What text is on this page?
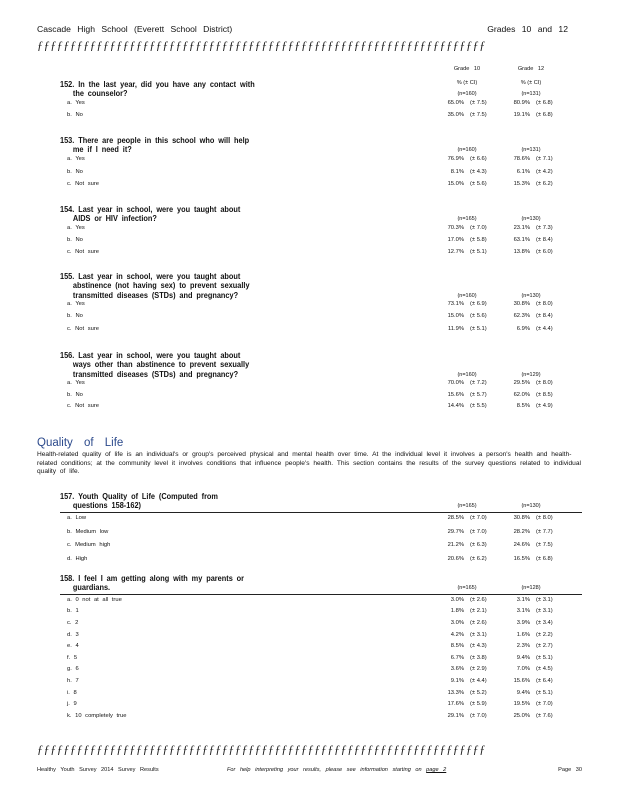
Cascade High School (Everett School District)	Grades 10 and 12
ƒƒƒƒƒƒƒƒƒƒƒƒƒƒƒƒƒƒƒƒƒƒƒƒƒƒƒƒƒƒƒƒƒƒƒƒƒƒƒƒƒƒƒƒƒƒƒƒƒƒƒƒƒƒƒƒƒƒƒƒƒƒƒƒƒƒƒƒ
Grade 10
% (± CI)
Grade 12
% (± CI)
152. In the last year, did you have any contact with
the counselor?	(n=160)	(n=131)
a. Yes	65.0% (± 7.5)	80.9% (± 6.8)
b. No	35.0% (± 7.5)	19.1% (± 6.8)
153. There are people in this school who will help
me if I need it?	(n=160)	(n=131)
a. Yes	76.9% (± 6.6)	78.6% (± 7.1)
b. No	8.1% (± 4.3)	6.1% (± 4.2)
c. Not sure	15.0% (± 5.6)	15.3% (± 6.2)
154. Last year in school, were you taught about
AIDS or HIV infection?	(n=165)	(n=130)
a. Yes	70.3% (± 7.0)	23.1% (± 7.3)
b. No	17.0% (± 5.8)	63.1% (± 8.4)
c. Not sure	12.7% (± 5.1)	13.8% (± 6.0)
155. Last year in school, were you taught about
abstinence (not having sex) to prevent sexually
transmitted diseases (STDs) and pregnancy?	(n=160)	(n=130)
a. Yes	73.1% (± 6.9)	30.8% (± 8.0)
b. No	15.0% (± 5.6)	62.3% (± 8.4)
c. Not sure	11.9% (± 5.1)	6.9% (± 4.4)
156. Last year in school, were you taught about
ways other than abstinence to prevent sexually
transmitted diseases (STDs) and pregnancy?	(n=160)	(n=129)
a. Yes	70.0% (± 7.2)	29.5% (± 8.0)
b. No	15.6% (± 5.7)	62.0% (± 8.5)
c. Not sure	14.4% (± 5.5)	8.5% (± 4.9)
Quality of Life
Health-related quality of life is an individual's or group's perceived physical and mental health over time. At the individual level it involves a person's health and health-related conditions; at the community level it involves conditions that influence people's health. This section contains the results of the survey questions related to individual quality of life.
157. Youth Quality of Life (Computed from
questions 158-162)	(n=165)	(n=130)
a. Low	28.5% (± 7.0)	30.8% (± 8.0)
b. Medium low	29.7% (± 7.0)	28.2% (± 7.7)
c. Medium high	21.2% (± 6.3)	24.6% (± 7.5)
d. High	20.6% (± 6.2)	16.5% (± 6.8)
158. I feel I am getting along with my parents or
guardians.	(n=165)	(n=128)
a. 0 not at all true	3.0% (± 2.6)	3.1% (± 3.1)
b. 1	1.8% (± 2.1)	3.1% (± 3.1)
c. 2	3.0% (± 2.6)	3.9% (± 3.4)
d. 3	4.2% (± 3.1)	1.6% (± 2.2)
e. 4	8.5% (± 4.3)	2.3% (± 2.7)
f. 5	6.7% (± 3.8)	9.4% (± 5.1)
g. 6	3.6% (± 2.9)	7.0% (± 4.5)
h. 7	9.1% (± 4.4)	15.6% (± 6.4)
i. 8	13.3% (± 5.2)	9.4% (± 5.1)
j. 9	17.6% (± 5.9)	19.5% (± 7.0)
k. 10 completely true	29.1% (± 7.0)	25.0% (± 7.6)
ƒƒƒƒƒƒƒƒƒƒƒƒƒƒƒƒƒƒƒƒƒƒƒƒƒƒƒƒƒƒƒƒƒƒƒƒƒƒƒƒƒƒƒƒƒƒƒƒƒƒƒƒƒƒƒƒƒƒƒƒƒƒƒƒƒƒƒƒ
Healthy Youth Survey 2014 Survey Results	For help interpreting your results, please see information starting on page 2	Page 30
